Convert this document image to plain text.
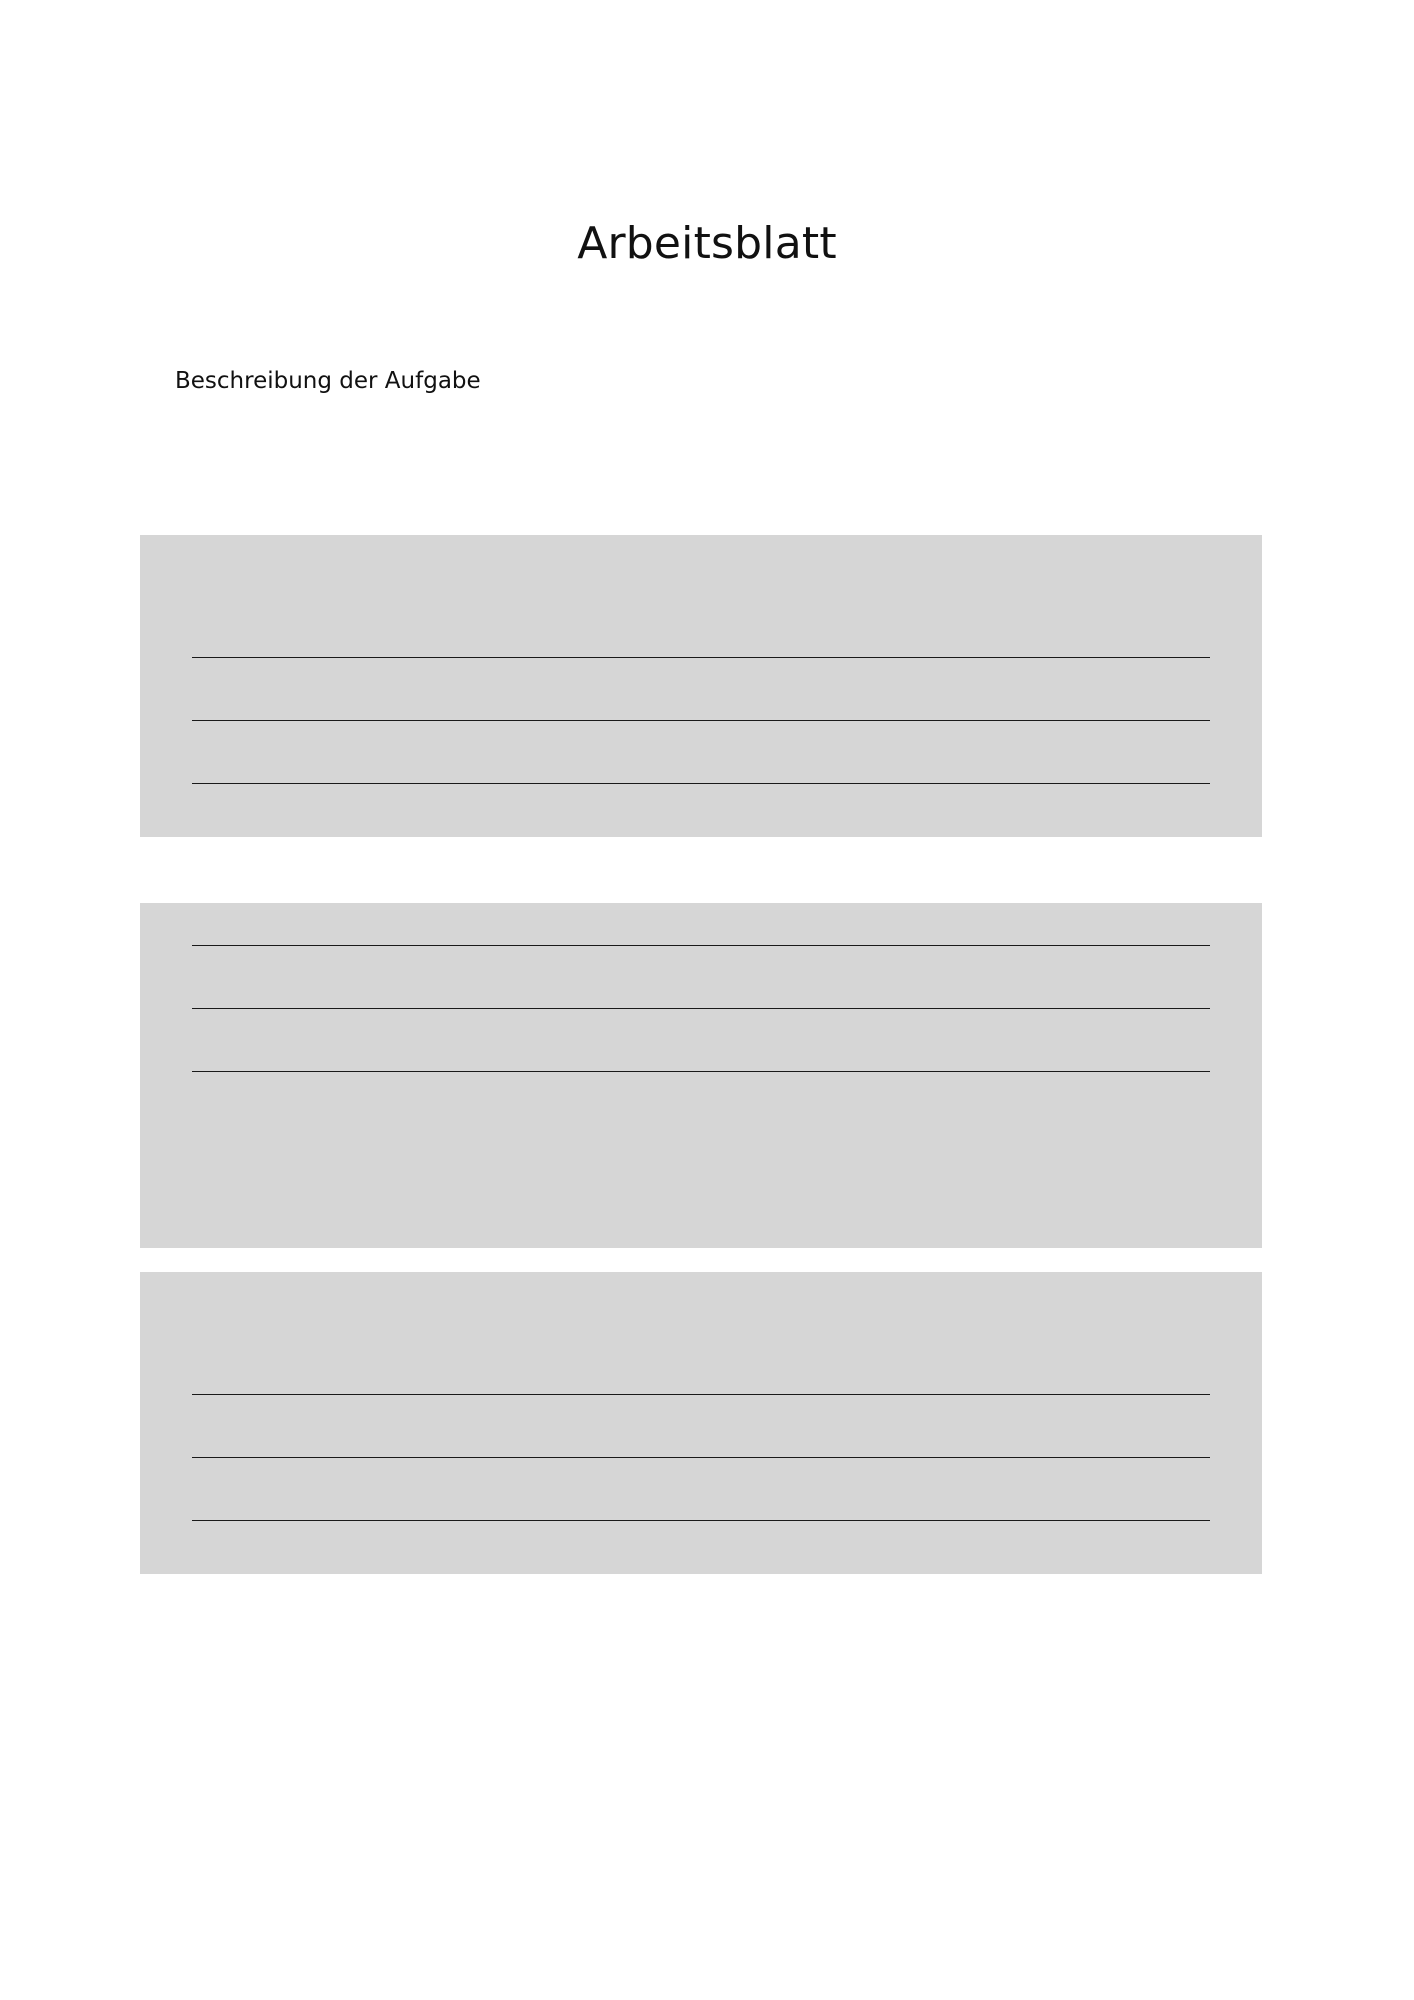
Arbeitsblatt
Beschreibung der Aufgabe
